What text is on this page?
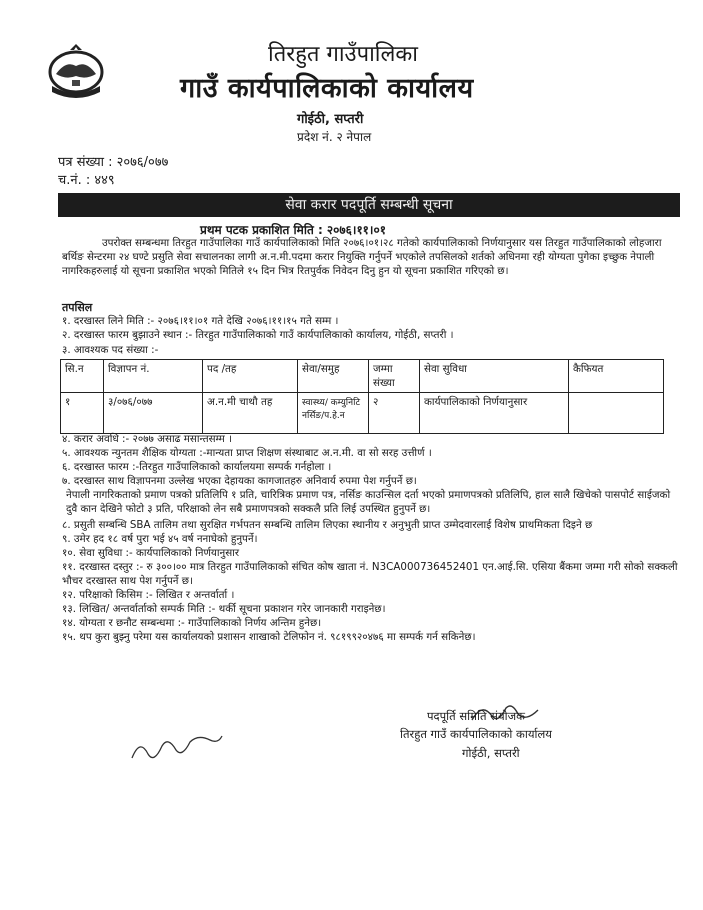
तिरहुत गाउँपालिका
गाउँ कार्यपालिकाको कार्यालय
गोईठी, सप्तरी
प्रदेश नं. २ नेपाल
पत्र संख्या : २०७६/०७७
च.नं. : ४४९
सेवा करार पदपूर्ति सम्बन्धी सूचना
प्रथम पटक प्रकाशित मिति : २०७६।११।०१

उपरोक्त सम्बन्धमा तिरहुत गाउँपालिका गाउँ कार्यपालिकाको मिति २०७६।०१।२८ गतेको कार्यपालिकाको निर्णयानुसार यस तिरहुत गाउँपालिकाको लोहजारा बर्थिङ सेन्टरमा २४ घण्टे प्रसुति सेवा सचालनका लागी अ.न.मी.पदमा करार नियुक्ति गर्नुपर्ने भएकोले तपसिलको शर्तको अधिनमा रही योग्यता पुगेका इच्छुक नेपाली नागरिकहरुलाई यो सूचना प्रकाशित भएको मितिले १५ दिन भित्र रितपुर्वक निवेदन दिनु हुन यो सूचना प्रकाशित गरिएको छ।

तपसिल
१. दरखास्त लिने मिति :- २०७६।११।०१ गते देखि २०७६।११।१५ गते सम्म ।
सि.न	विज्ञापन नं.	पद /तह	सेवा/समुह	जम्मा संख्या	सेवा सुविधा	कैफियत
१	३/०७६/०७७	अ.न.मी चाथौ तह	स्वास्थ्य/ कम्युनिटि नर्सिङ/प.हे.न	२	कार्यपालिकाको निर्णयानुसार	

४. करार अवधि :- २०७७ असाढ मसान्तसम्म ।

५. आवश्यक न्युनतम शैक्षिक योग्यता :-मान्यता प्राप्त शिक्षण संस्थाबाट अ.न.मी. वा सो सरह उत्तीर्ण ।

६. दरखास्त फारम :-तिरहुत गाउँपालिकाको कार्यालयमा सम्पर्क गर्नहोला ।

७. दरखास्त साथ विज्ञापनमा उल्लेख भएका देहायका कागजातहरु अनिवार्य रुपमा पेश गर्नुपर्ने छ।

नेपाली नागरिकताको प्रमाण पत्रको प्रतिलिपि १ प्रति, चारित्रिक प्रमाण पत्र, नर्सिङ काउन्सिल दर्ता भएको प्रमाणपत्रको प्रतिलिपि, हाल सालै खिचेको पासपोर्ट साईजको दुवै कान देखिने फोटो ३ प्रति, परिक्षाको लेन सबै प्रमाणपत्रको सक्कलै प्रति लिई उपस्थित हुनुपर्ने छ।

८. प्रसुती सम्बन्धि SBA तालिम तथा सुरक्षित गर्भपतन सम्बन्धि तालिम लिएका स्थानीय र अनुभुती प्राप्त उम्मेदवारलाई विशेष प्राथमिकता दिइने छ

९. उमेर हद १८ वर्ष पुरा भई ४५ वर्ष ननाघेको हुनुपर्ने।

१०. सेवा सुविधा :- कार्यपालिकाको निर्णयानुसार

११. दरखास्त दस्तुर :- रु ३००।०० मात्र तिरहुत गाउँपालिकाको संचित कोष खाता नं. N3CA000736452401 एन.आई.सि. एसिया बैंकमा जम्मा गरी सोको सक्कली भौचर दरखास्त साथ पेश गर्नुपर्ने छ।

१२. परिक्षाको किसिम :- लिखित र अन्तर्वार्ता ।

१३. लिखित/ अन्तर्वार्ताको सम्पर्क मिति :- थर्की सूचना प्रकाशन गरेर जानकारी गराइनेछ।

१४. योग्यता र छनौट सम्बन्धमा :- गाउँपालिकाको निर्णय अन्तिम हुनेछ।

१५. थप कुरा बुझ्नु परेमा यस कार्यालयको प्रशासन शाखाको टेलिफोन नं. ९८१९९२०४७६ मा सम्पर्क गर्न सकिनेछ।

पदपूर्ति समिति संयोजक
तिरहुत गाउँ कार्यपालिकाको कार्यालय
गोईठी, सप्तरी
२. दरखास्त फारम बुझाउने स्थान :- तिरहुत गाउँपालिकाको गाउँ कार्यपालिकाको कार्यालय, गोईठी, सप्तरी ।
३. आवश्यक पद संख्या :-
